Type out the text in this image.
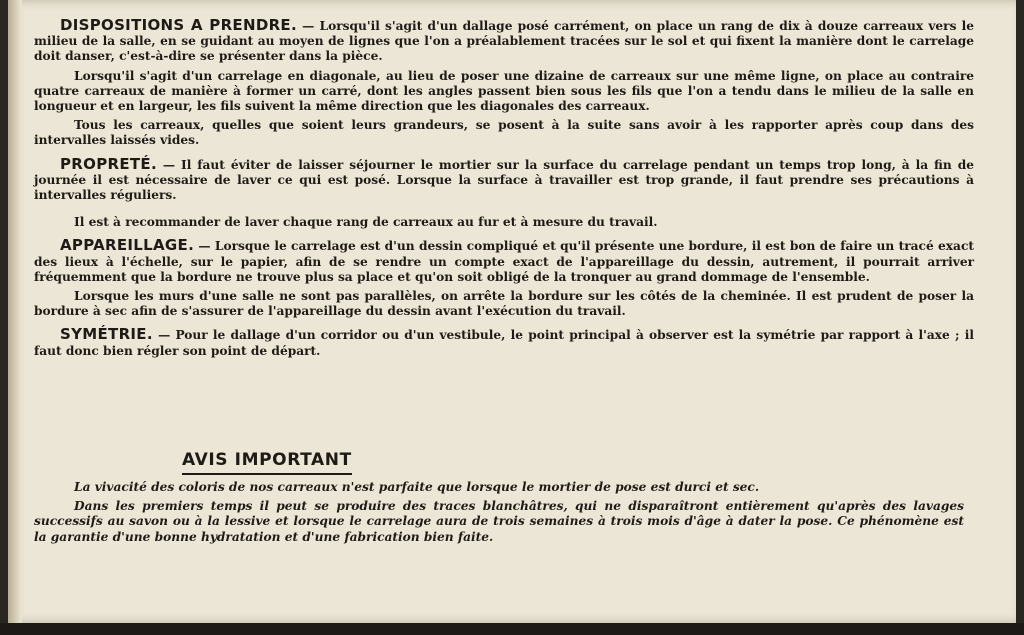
DISPOSITIONS A PRENDRE. — Lorsqu'il s'agit d'un dallage posé carrément, on place un rang de dix à douze carreaux vers le milieu de la salle, en se guidant au moyen de lignes que l'on a préalablement tracées sur le sol et qui fixent la manière dont le carrelage doit danser, c'est-à-dire se présenter dans la pièce.

Lorsqu'il s'agit d'un carrelage en diagonale, au lieu de poser une dizaine de carreaux sur une même ligne, on place au contraire quatre carreaux de manière à former un carré, dont les angles passent bien sous les fils que l'on a tendu dans le milieu de la salle en longueur et en largeur, les fils suivent la même direction que les diagonales des carreaux.

Tous les carreaux, quelles que soient leurs grandeurs, se posent à la suite sans avoir à les rapporter après coup dans des intervalles laissés vides.

PROPRETÉ. — Il faut éviter de laisser séjourner le mortier sur la surface du carrelage pendant un temps trop long, à la fin de journée il est nécessaire de laver ce qui est posé. Lorsque la surface à travailler est trop grande, il faut prendre ses précautions à intervalles réguliers.

Il est à recommander de laver chaque rang de carreaux au fur et à mesure du travail.

APPAREILLAGE. — Lorsque le carrelage est d'un dessin compliqué et qu'il présente une bordure, il est bon de faire un tracé exact des lieux à l'échelle, sur le papier, afin de se rendre un compte exact de l'appareillage du dessin, autrement, il pourrait arriver fréquemment que la bordure ne trouve plus sa place et qu'on soit obligé de la tronquer au grand dommage de l'ensemble.

Lorsque les murs d'une salle ne sont pas parallèles, on arrête la bordure sur les côtés de la cheminée. Il est prudent de poser la bordure à sec afin de s'assurer de l'appareillage du dessin avant l'exécution du travail.

SYMÉTRIE. — Pour le dallage d'un corridor ou d'un vestibule, le point principal à observer est la symétrie par rapport à l'axe ; il faut donc bien régler son point de départ.

AVIS IMPORTANT

La vivacité des coloris de nos carreaux n'est parfaite que lorsque le mortier de pose est durci et sec.

Dans les premiers temps il peut se produire des traces blanchâtres, qui ne disparaîtront entièrement qu'après des lavages successifs au savon ou à la lessive et lorsque le carrelage aura de trois semaines à trois mois d'âge à dater la pose. Ce phénomène est la garantie d'une bonne hydratation et d'une fabrication bien faite.
